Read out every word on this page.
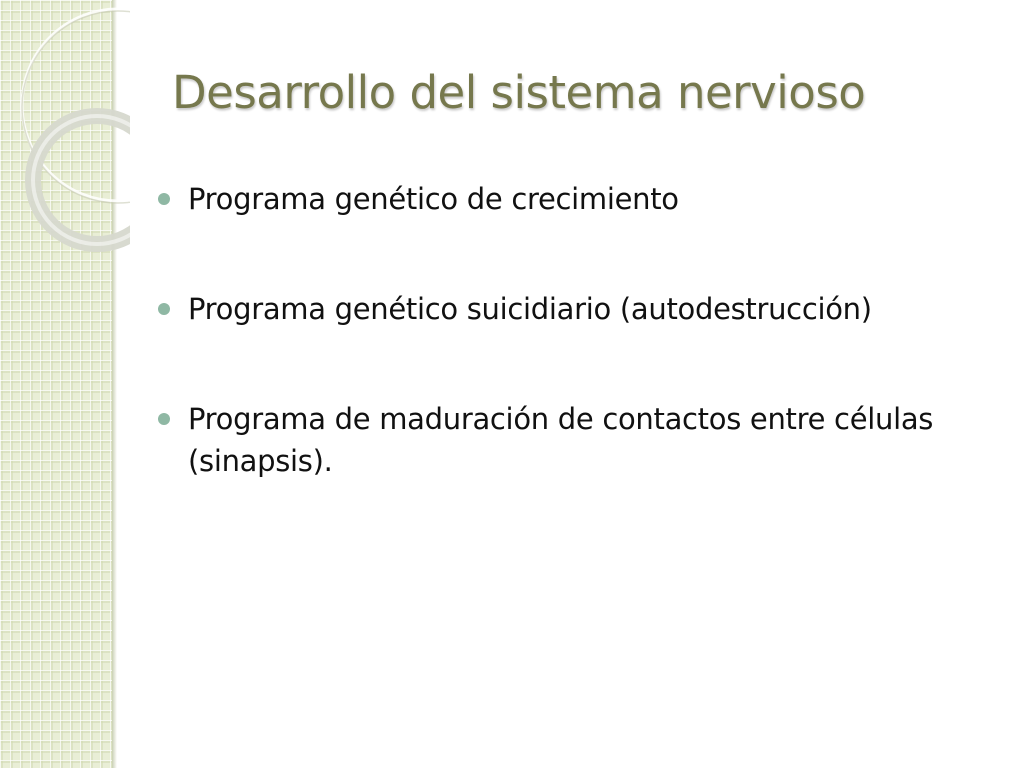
Desarrollo del sistema nervioso
Programa genético de crecimiento
Programa genético suicidiario (autodestrucción)
Programa de maduración de contactos entre células (sinapsis).
